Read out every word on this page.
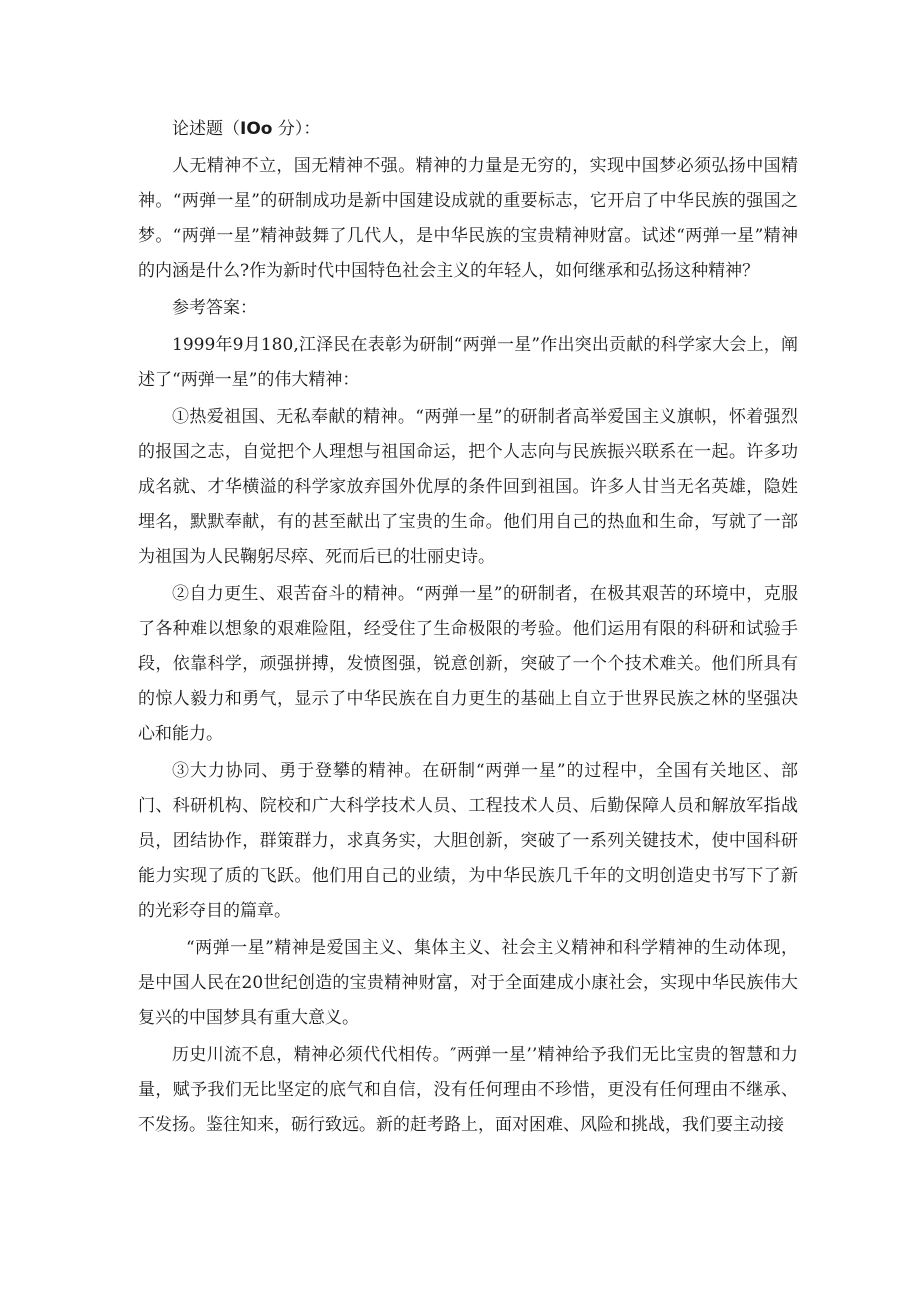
论述题（IOo 分）：

人无精神不立，国无精神不强。精神的力量是无穷的，实现中国梦必须弘扬中国精神。“两弹一星”的研制成功是新中国建设成就的重要标志，它开启了中华民族的强国之梦。“两弹一星”精神鼓舞了几代人，是中华民族的宝贵精神财富。试述“两弹一星”精神的内涵是什么?作为新时代中国特色社会主义的年轻人，如何继承和弘扬这种精神？

参考答案：

1999年9月180,江泽民在表彰为研制“两弹一星”作出突出贡献的科学家大会上，阐述了“两弹一星”的伟大精神：

①热爱祖国、无私奉献的精神。“两弹一星”的研制者高举爱国主义旗帜，怀着强烈的报国之志，自觉把个人理想与祖国命运，把个人志向与民族振兴联系在一起。许多功成名就、才华横溢的科学家放弃国外优厚的条件回到祖国。许多人甘当无名英雄，隐姓埋名，默默奉献，有的甚至献出了宝贵的生命。他们用自己的热血和生命，写就了一部为祖国为人民鞠躬尽瘁、死而后已的壮丽史诗。

②自力更生、艰苦奋斗的精神。“两弹一星”的研制者，在极其艰苦的环境中，克服了各种难以想象的艰难险阻，经受住了生命极限的考验。他们运用有限的科研和试验手段，依靠科学，顽强拼搏，发愤图强，锐意创新，突破了一个个技术难关。他们所具有的惊人毅力和勇气，显示了中华民族在自力更生的基础上自立于世界民族之林的坚强决心和能力。

③大力协同、勇于登攀的精神。在研制“两弹一星”的过程中，全国有关地区、部门、科研机构、院校和广大科学技术人员、工程技术人员、后勤保障人员和解放军指战员，团结协作，群策群力，求真务实，大胆创新，突破了一系列关键技术，使中国科研能力实现了质的飞跃。他们用自己的业绩，为中华民族几千年的文明创造史书写下了新的光彩夺目的篇章。

“两弹一星”精神是爱国主义、集体主义、社会主义精神和科学精神的生动体现，是中国人民在20世纪创造的宝贵精神财富，对于全面建成小康社会，实现中华民族伟大复兴的中国梦具有重大意义。

历史川流不息，精神必须代代相传。″两弹一星’’精神给予我们无比宝贵的智慧和力量，赋予我们无比坚定的底气和自信，没有任何理由不珍惜，更没有任何理由不继承、不发扬。鉴往知来，砺行致远。新的赶考路上，面对困难、风险和挑战，我们要主动接
